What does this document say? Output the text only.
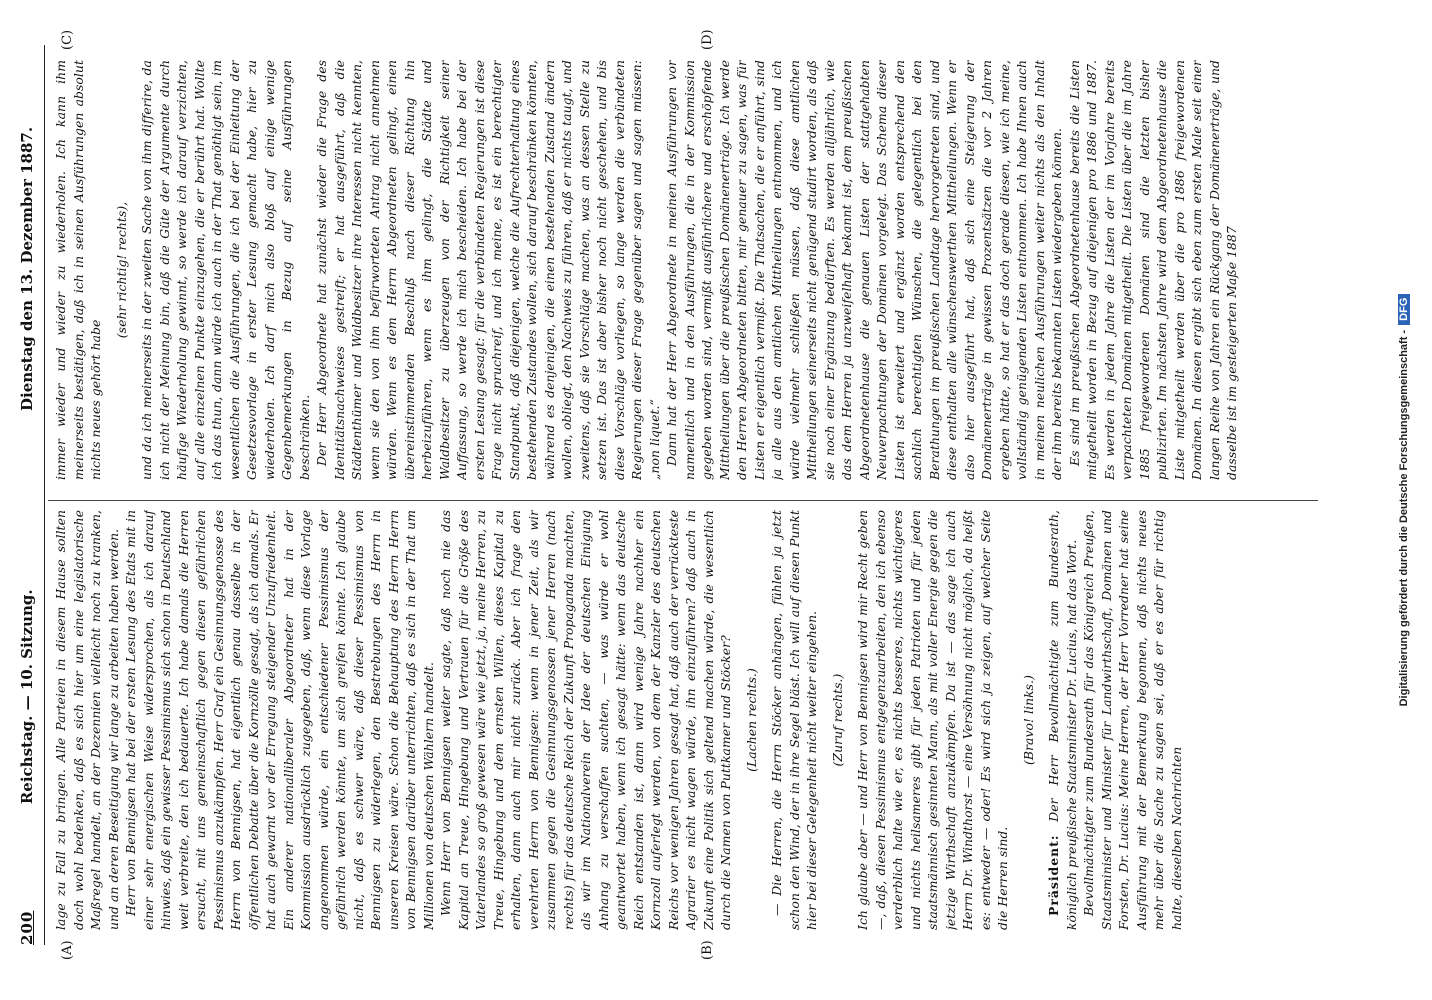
200
Reichstag. — 10. Sitzung.
Dienstag den 13. Dezember 1887.
(A)	(B)
(C)	(D)

lage zu Fall zu bringen. Alle Parteien in diesem Hause sollten doch wohl bedenken, daß es sich hier um eine legislatorische Maßregel handelt, an der Dezennien vielleicht noch zu kranken, und an deren Beseitigung wir lange zu arbeiten haben werden. Herr von Bennigsen hat bei der ersten Lesung des Etats mit in einer sehr energischen Weise widersprochen, als ich darauf hinwies, daß ein gewisser Pessimismus sich schon in Deutschland weit verbreite, den ich bedauerte. Ich habe damals die Herren ersucht, mit uns gemeinschaftlich gegen diesen gefährlichen Pessimismus anzukämpfen. Herr Graf ein Gesinnungsgenosse des Herrn von Bennigsen, hat eigentlich genau dasselbe in der öffentlichen Debatte über die Kornzölle gesagt, als ich damals. Er hat auch gewarnt vor der Erregung steigender Unzufriedenheit. Ein anderer nationalliberaler Abgeordneter hat in der Kommission ausdrücklich zugegeben, daß, wenn diese Vorlage angenommen würde, ein entschiedener Pessimismus der gefährlich werden könnte, um sich greifen könnte. Ich glaube nicht, daß es schwer wäre, daß dieser Pessimismus von Bennigsen zu widerlegen, den Bestrebungen des Herrn in unseren Kreisen wäre. Schon die Behauptung des Herrn Herrn von Bennigsen darüber unterrichten, daß es sich in der That um Millionen von deutschen Wählern handelt. Wenn Herr von Bennigsen weiter sagte, daß noch nie das Kapital an Treue, Hingebung und Vertrauen für die Größe des Vaterlandes so groß gewesen wäre wie jetzt, ja, meine Herren, zu Treue, Hingebung und dem ernsten Willen, dieses Kapital zu erhalten, dann auch mir nicht zurück. Aber ich frage den verehrten Herrn von Bennigsen: wenn in jener Zeit, als wir zusammen gegen die Gesinnungsgenossen jener Herren (nach rechts) für das deutsche Reich der Zukunft Propaganda machten, als wir im Nationalverein der Idee der deutschen Einigung Anhang zu verschaffen suchten, — was würde er wohl geantwortet haben, wenn ich gesagt hätte: wenn das deutsche Reich entstanden ist, dann wird wenige Jahre nachher ein Kornzoll auferlegt werden, von dem der Kanzler des deutschen Reichs vor wenigen Jahren gesagt hat, daß auch der verrückteste Agrarier es nicht wagen würde, ihn einzuführen? daß auch in Zukunft eine Politik sich geltend machen würde, die wesentlich durch die Namen von Puttkamer und Stöcker? (Lachen rechts.) — Die Herren, die Herrn Stöcker anhängen, fühlen ja jetzt schon den Wind, der in ihre Segel bläst. Ich will auf diesen Punkt hier bei dieser Gelegenheit nicht weiter eingehen. (Zuruf rechts.) Ich glaube aber — und Herr von Bennigsen wird mir Recht geben —, daß, diesen Pessimismus entgegenzuarbeiten, den ich ebenso verderblich halte wie er, es nichts besseres, nichts wichtigeres und nichts heilsameres gibt für jeden Patrioten und für jeden staatsmännisch gesinnten Mann, als mit voller Energie gegen die jetzige Wirthschaft anzukämpfen. Da ist — das sage ich auch Herrn Dr. Windthorst — eine Versöhnung nicht möglich, da heißt es: entweder — oder! Es wird sich ja zeigen, auf welcher Seite die Herren sind.

(Bravo! links.)

Präsident: Der Herr Bevollmächtigte zum Bundesrath, königlich preußische Staatsminister Dr. Lucius, hat das Wort. Bevollmächtigter zum Bundesrath für das Königreich Preußen, Staatsminister und Minister für Landwirthschaft, Domänen und Forsten, Dr. Lucius: Meine Herren, der Herr Vorredner hat seine Ausführung mit der Bemerkung begonnen, daß nichts neues mehr über die Sache zu sagen sei, daß er es aber für richtig halte, dieselben Nachrichten

immer wieder und wieder zu wiederholen. Ich kann ihm meinerseits bestätigen, daß ich in seinen Ausführungen absolut nichts neues gehört habe

(sehr richtig! rechts), und da ich meinerseits in der zweiten Sache von ihm differire, da ich nicht der Meinung bin, daß die Güte der Argumente durch häufige Wiederholung gewinnt, so werde ich darauf verzichten, auf alle einzelnen Punkte einzugehen, die er berührt hat. Wollte ich das thun, dann würde ich auch in der That genöthigt sein, im wesentlichen die Ausführungen, die ich bei der Einleitung der Gesetzesvorlage in erster Lesung gemacht habe, hier zu wiederholen. Ich darf mich also bloß auf einige wenige Gegenbemerkungen in Bezug auf seine Ausführungen beschränken. Der Herr Abgeordnete hat zunächst wieder die Frage des Identitätsnachweises gestreift; er hat ausgeführt, daß die Städtenthümer und Waldbesitzer ihre Interessen nicht kennten, wenn sie den von ihm befürworteten Antrag nicht annehmen würden. Wenn es dem Herrn Abgeordneten gelingt, einen übereinstimmenden Beschluß nach dieser Richtung hin herbeizuführen, wenn es ihm gelingt, die Städte und Waldbesitzer zu überzeugen von der Richtigkeit seiner Auffassung, so werde ich mich bescheiden. Ich habe bei der ersten Lesung gesagt: für die verbündeten Regierungen ist diese Frage nicht spruchreif, und ich meine, es ist ein berechtigter Standpunkt, daß diejenigen, welche die Aufrechterhaltung eines bestehenden Zustandes wollen, sich darauf beschränken könnten, während es denjenigen, die einen bestehenden Zustand ändern wollen, obliegt, den Nachweis zu führen, daß er nichts taugt, und zweitens, daß sie Vorschläge machen, was an dessen Stelle zu setzen ist. Das ist aber bisher noch nicht geschehen, und bis diese Vorschläge vorliegen, so lange werden die verbündeten Regierungen dieser Frage gegenüber sagen und sagen müssen: „non liquet.“ Dann hat der Herr Abgeordnete in meinen Ausführungen vor namentlich und in den Ausführungen, die in der Kommission gegeben worden sind, vermißt ausführlichere und erschöpfende Mittheilungen über die preußischen Domänenerträge. Ich werde den Herren Abgeordneten bitten, mir genauer zu sagen, was für Listen er eigentlich vermißt. Die Thatsachen, die er anführt, sind ja alle aus den amtlichen Mittheilungen entnommen, und ich würde vielmehr schließen müssen, daß diese amtlichen Mittheilungen seinerseits nicht genügend studirt worden, als daß sie noch einer Ergänzung bedürften. Es werden alljährlich, wie das dem Herren ja unzweifelhaft bekannt ist, dem preußischen Abgeordnetenhause die genauen Listen der stattgehabten Neuverpachtungen der Domänen vorgelegt. Das Schema dieser Listen ist erweitert und ergänzt worden entsprechend den sachlich berechtigten Wünschen, die gelegentlich bei den Berathungen im preußischen Landtage hervorgetreten sind, und diese enthalten alle wünschenswerthen Mittheilungen. Wenn er also hier ausgeführt hat, daß sich eine Steigerung der Domänenerträge in gewissen Prozentsätzen die vor 2 Jahren ergeben hätte, so hat er das doch gerade diesen, wie ich meine, vollständig genügenden Listen entnommen. Ich habe Ihnen auch in meinen neulichen Ausführungen weiter nichts als den Inhalt der ihm bereits bekannten Listen wiedergeben können. Es sind im preußischen Abgeordnetenhause bereits die Listen mitgetheilt worden in Bezug auf diejenigen pro 1886 und 1887. Es werden in jedem Jahre die Listen der im Vorjahre bereits verpachteten Domänen mitgetheilt. Die Listen über die im Jahre 1885 freigewordenen Domänen sind die letzten bisher publizirten. Im nächsten Jahre wird dem Abgeordnetenhause die Liste mitgetheilt werden über die pro 1886 freigewordenen Domänen. In diesen ergibt sich eben zum ersten Male seit einer langen Reihe von Jahren ein Rückgang der Domänenerträge, und dasselbe ist im gesteigerten Maße 1887	Digitalisierung gefördert durch die Deutsche Forschungsgemeinschaft - DFG
